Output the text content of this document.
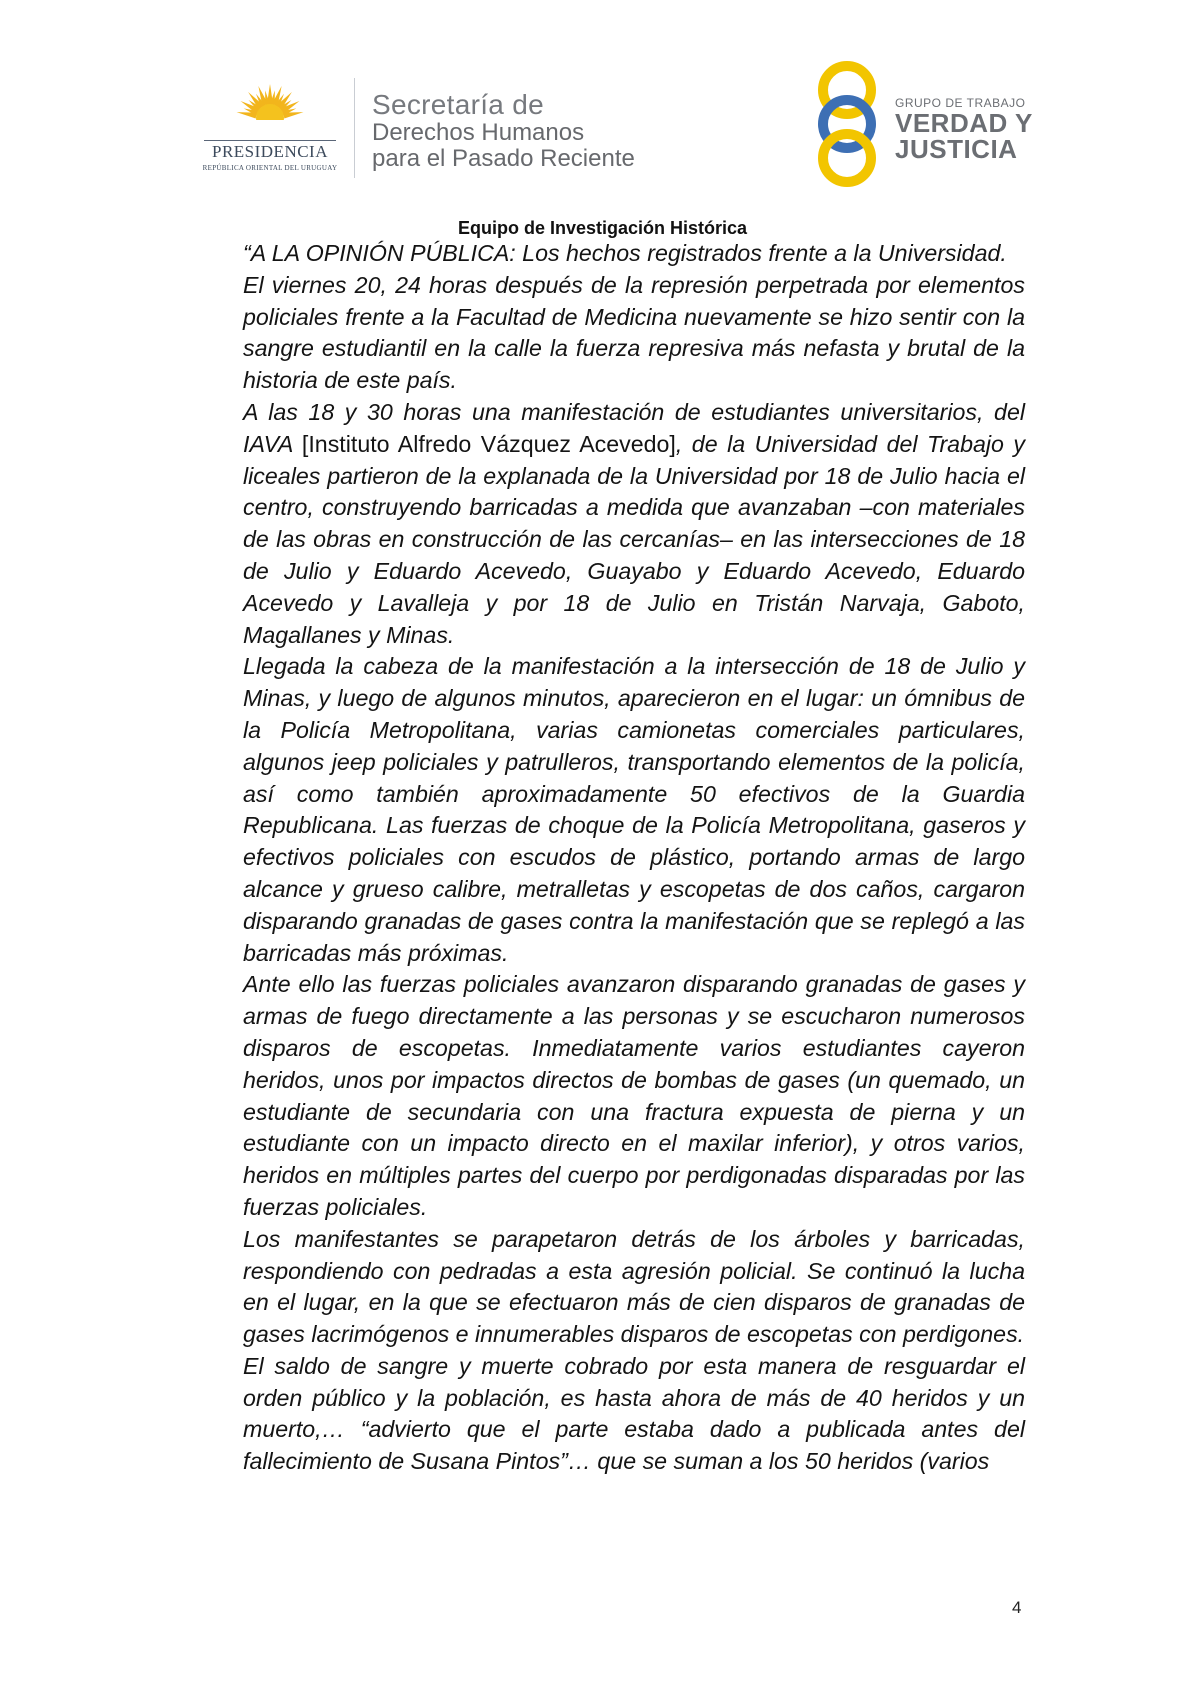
PRESIDENCIA
REPÚBLICA ORIENTAL DEL URUGUAY
Secretaría de
Derechos Humanos
para el Pasado Reciente
GRUPO DE TRABAJO
VERDAD Y
JUSTICIA
Equipo de Investigación Histórica

“A LA OPINIÓN PÚBLICA: Los hechos registrados frente a la Universidad.

El viernes 20, 24 horas después de la represión perpetrada por elementos policiales frente a la Facultad de Medicina nuevamente se hizo sentir con la sangre estudiantil en la calle la fuerza represiva más nefasta y brutal de la historia de este país.

A las 18 y 30 horas una manifestación de estudiantes universitarios, del IAVA [Instituto Alfredo Vázquez Acevedo], de la Universidad del Trabajo y liceales partieron de la explanada de la Universidad por 18 de Julio hacia el centro, construyendo barricadas a medida que avanzaban –con materiales de las obras en construcción de las cercanías– en las intersecciones de 18 de Julio y Eduardo Acevedo, Guayabo y Eduardo Acevedo, Eduardo Acevedo y Lavalleja y por 18 de Julio en Tristán Narvaja, Gaboto, Magallanes y Minas.

Llegada la cabeza de la manifestación a la intersección de 18 de Julio y Minas, y luego de algunos minutos, aparecieron en el lugar: un ómnibus de la Policía Metropolitana, varias camionetas comerciales particulares, algunos jeep policiales y patrulleros, transportando elementos de la policía, así como también aproximadamente 50 efectivos de la Guardia Republicana. Las fuerzas de choque de la Policía Metropolitana, gaseros y efectivos policiales con escudos de plástico, portando armas de largo alcance y grueso calibre, metralletas y escopetas de dos caños, cargaron disparando granadas de gases contra la manifestación que se replegó a las barricadas más próximas.

Ante ello las fuerzas policiales avanzaron disparando granadas de gases y armas de fuego directamente a las personas y se escucharon numerosos disparos de escopetas. Inmediatamente varios estudiantes cayeron heridos, unos por impactos directos de bombas de gases (un quemado, un estudiante de secundaria con una fractura expuesta de pierna y un estudiante con un impacto directo en el maxilar inferior), y otros varios, heridos en múltiples partes del cuerpo por perdigonadas disparadas por las fuerzas policiales.

Los manifestantes se parapetaron detrás de los árboles y barricadas, respondiendo con pedradas a esta agresión policial. Se continuó la lucha en el lugar, en la que se efectuaron más de cien disparos de granadas de gases lacrimógenos e innumerables disparos de escopetas con perdigones.

El saldo de sangre y muerte cobrado por esta manera de resguardar el orden público y la población, es hasta ahora de más de 40 heridos y un muerto,… “advierto que el parte estaba dado a publicada antes del fallecimiento de Susana Pintos”… que se suman a los 50 heridos (varios

4
